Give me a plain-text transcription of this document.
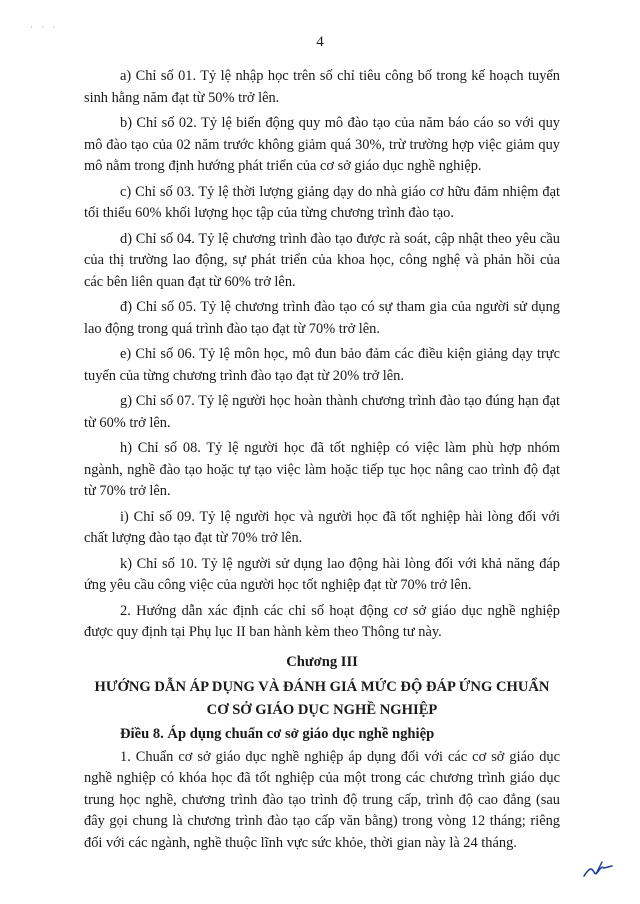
· · ·
4

a) Chỉ số 01. Tỷ lệ nhập học trên số chỉ tiêu công bố trong kế hoạch tuyển sinh hằng năm đạt từ 50% trở lên.

b) Chỉ số 02. Tỷ lệ biến động quy mô đào tạo của năm báo cáo so với quy mô đào tạo của 02 năm trước không giảm quá 30%, trừ trường hợp việc giảm quy mô nằm trong định hướng phát triển của cơ sở giáo dục nghề nghiệp.

c) Chỉ số 03. Tỷ lệ thời lượng giảng dạy do nhà giáo cơ hữu đảm nhiệm đạt tối thiểu 60% khối lượng học tập của từng chương trình đào tạo.

d) Chỉ số 04. Tỷ lệ chương trình đào tạo được rà soát, cập nhật theo yêu cầu của thị trường lao động, sự phát triển của khoa học, công nghệ và phản hồi của các bên liên quan đạt từ 60% trở lên.

đ) Chỉ số 05. Tỷ lệ chương trình đào tạo có sự tham gia của người sử dụng lao động trong quá trình đào tạo đạt từ 70% trở lên.

e) Chỉ số 06. Tỷ lệ môn học, mô đun bảo đảm các điều kiện giảng dạy trực tuyến của từng chương trình đào tạo đạt từ 20% trở lên.

g) Chỉ số 07. Tỷ lệ người học hoàn thành chương trình đào tạo đúng hạn đạt từ 60% trở lên.

h) Chỉ số 08. Tỷ lệ người học đã tốt nghiệp có việc làm phù hợp nhóm ngành, nghề đào tạo hoặc tự tạo việc làm hoặc tiếp tục học nâng cao trình độ đạt từ 70% trở lên.

i) Chỉ số 09. Tỷ lệ người học và người học đã tốt nghiệp hài lòng đối với chất lượng đào tạo đạt từ 70% trở lên.

k) Chỉ số 10. Tỷ lệ người sử dụng lao động hài lòng đối với khả năng đáp ứng yêu cầu công việc của người học tốt nghiệp đạt từ 70% trở lên.

2. Hướng dẫn xác định các chỉ số hoạt động cơ sở giáo dục nghề nghiệp được quy định tại Phụ lục II ban hành kèm theo Thông tư này.

Chương III
HƯỚNG DẪN ÁP DỤNG VÀ ĐÁNH GIÁ MỨC ĐỘ ĐÁP ỨNG CHUẨN
CƠ SỞ GIÁO DỤC NGHỀ NGHIỆP
Điều 8. Áp dụng chuẩn cơ sở giáo dục nghề nghiệp

1. Chuẩn cơ sở giáo dục nghề nghiệp áp dụng đối với các cơ sở giáo dục nghề nghiệp có khóa học đã tốt nghiệp của một trong các chương trình giáo dục trung học nghề, chương trình đào tạo trình độ trung cấp, trình độ cao đẳng (sau đây gọi chung là chương trình đào tạo cấp văn bằng) trong vòng 12 tháng; riêng đối với các ngành, nghề thuộc lĩnh vực sức khỏe, thời gian này là 24 tháng.
